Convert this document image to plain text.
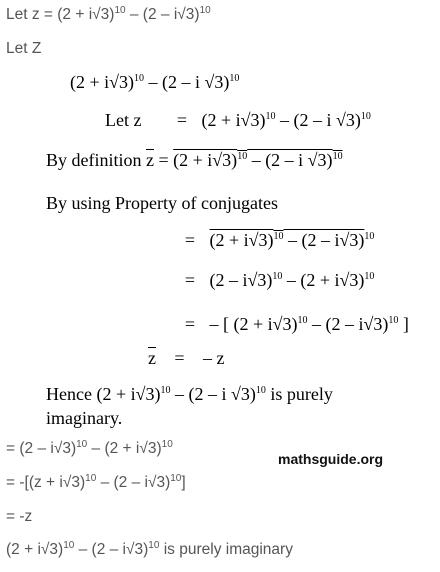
Let $z = (2 + i√3)^{10} - (2 - i√3)^{10}$
Let Z
$(2 + i√3)^{10} - (2 - i$ √3)$^{10}$
Let $z = (2 + i√3)^{10} - (2 - i$ √3)$^{10}$
By definition $\overline{z} = (2 + i√3)^{10} - (2 - i$ √3)$^{10}$
By using Property of conjugates
= $(2 + i√3)^{10} - (2 - i√3)^{10}$
= $(2 - i√3)^{10} - (2 + i√3)^{10}$
= – [ $(2 + i√3)^{10} - (2 - i√3)^{10}$ ]
$\overline{z}$ = – z
Hence $(2 + i√3)^{10} - (2 - i$ √3)$^{10}$ is purely
imaginary.
= $(2 - i√3)^{10} - (2 + i√3)^{10}$
mathsguide.org
= $-[(z + i√3)^{10} - (2 - i√3)^{10}]$
= -z
$(2 + i√3)^{10} - (2 - i√3)^{10}$ is purely imaginary
